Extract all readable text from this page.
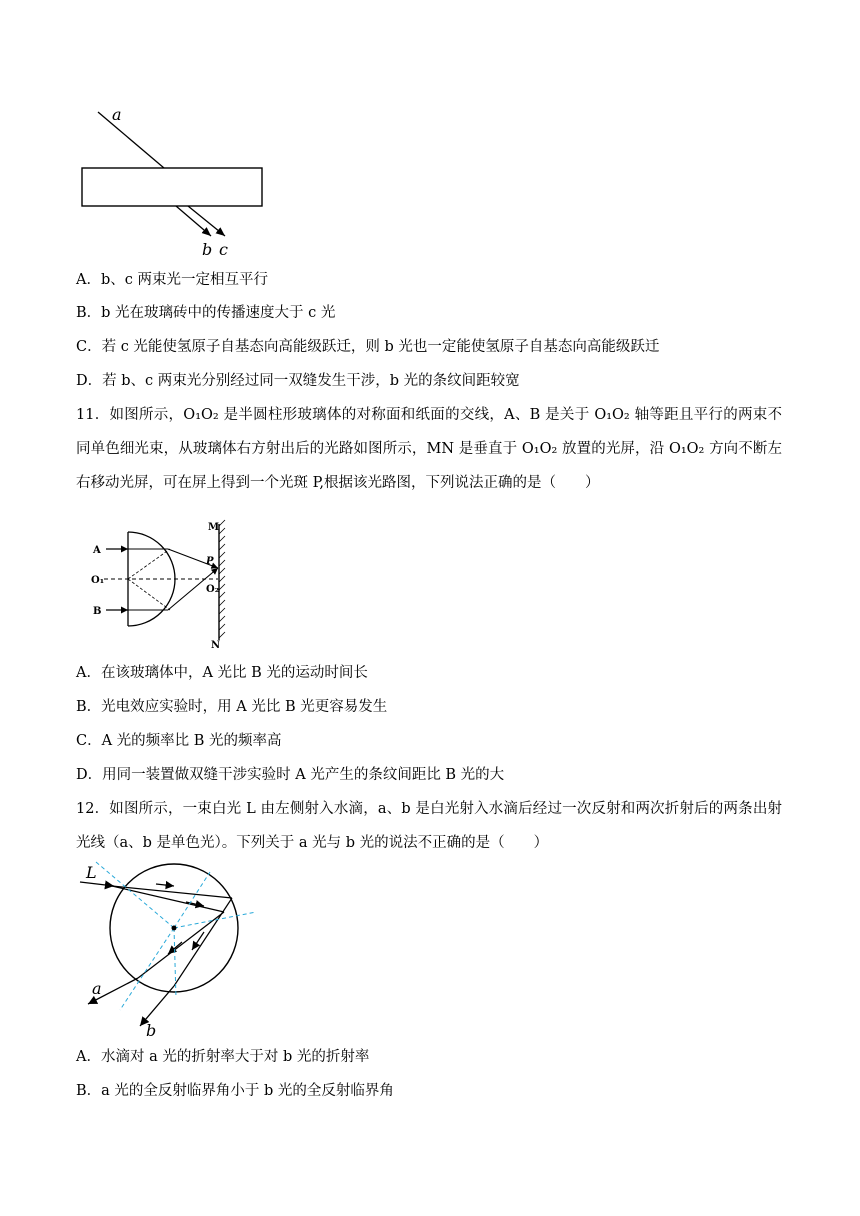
a
b c
A．b、c 两束光一定相互平行
B．b 光在玻璃砖中的传播速度大于 c 光
C．若 c 光能使氢原子自基态向高能级跃迁，则 b 光也一定能使氢原子自基态向高能级跃迁
D．若 b、c 两束光分别经过同一双缝发生干涉，b 光的条纹间距较宽
11．如图所示，O₁O₂ 是半圆柱形玻璃体的对称面和纸面的交线，A、B 是关于 O₁O₂ 轴等距且平行的两束不同单色细光束，从玻璃体右方射出后的光路如图所示，MN 是垂直于 O₁O₂ 放置的光屏，沿 O₁O₂ 方向不断左右移动光屏，可在屏上得到一个光斑 P,根据该光路图，下列说法正确的是（　　）
A
B
O₁
O₂
P
M
N
A．在该玻璃体中，A 光比 B 光的运动时间长
B．光电效应实验时，用 A 光比 B 光更容易发生
C．A 光的频率比 B 光的频率高
D．用同一装置做双缝干涉实验时 A 光产生的条纹间距比 B 光的大
12．如图所示，一束白光 L 由左侧射入水滴，a、b 是白光射入水滴后经过一次反射和两次折射后的两条出射光线（a、b 是单色光）。下列关于 a 光与 b 光的说法不正确的是（　　）
L
a
b
A．水滴对 a 光的折射率大于对 b 光的折射率
B．a 光的全反射临界角小于 b 光的全反射临界角
